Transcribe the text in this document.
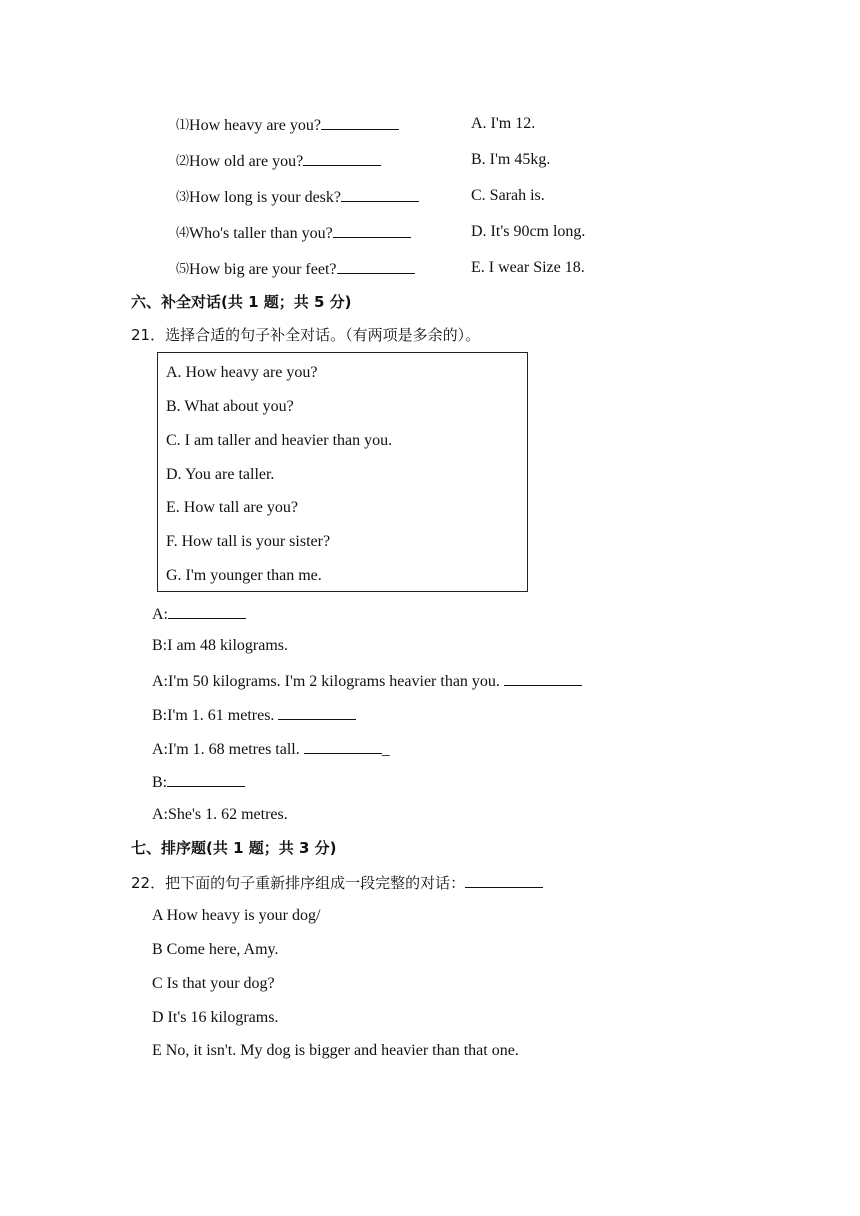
⑴How heavy are you?	A. I'm 12.
⑵How old are you?	B. I'm 45kg.
⑶How long is your desk?	C. Sarah is.
⑷Who's taller than you?	D. It's 90cm long.
⑸How big are your feet?	E. I wear Size 18.
六、补全对话(共 1 题；共 5 分)
21．选择合适的句子补全对话。（有两项是多余的）。
A. How heavy are you?
B. What about you?
C. I am taller and heavier than you.
D. You are taller.
E. How tall are you?
F. How tall is your sister?
G. I'm younger than me.
A:
B:I am 48 kilograms.
A:I'm 50 kilograms. I'm 2 kilograms heavier than you.
B:I'm 1. 61 metres.
A:I'm 1. 68 metres tall.	_
B:
A:She's 1. 62 metres.
七、排序题(共 1 题；共 3 分)
22．把下面的句子重新排序组成一段完整的对话：
A How heavy is your dog/
B Come here, Amy.
C Is that your dog?
D It's 16 kilograms.
E No, it isn't. My dog is bigger and heavier than that one.
